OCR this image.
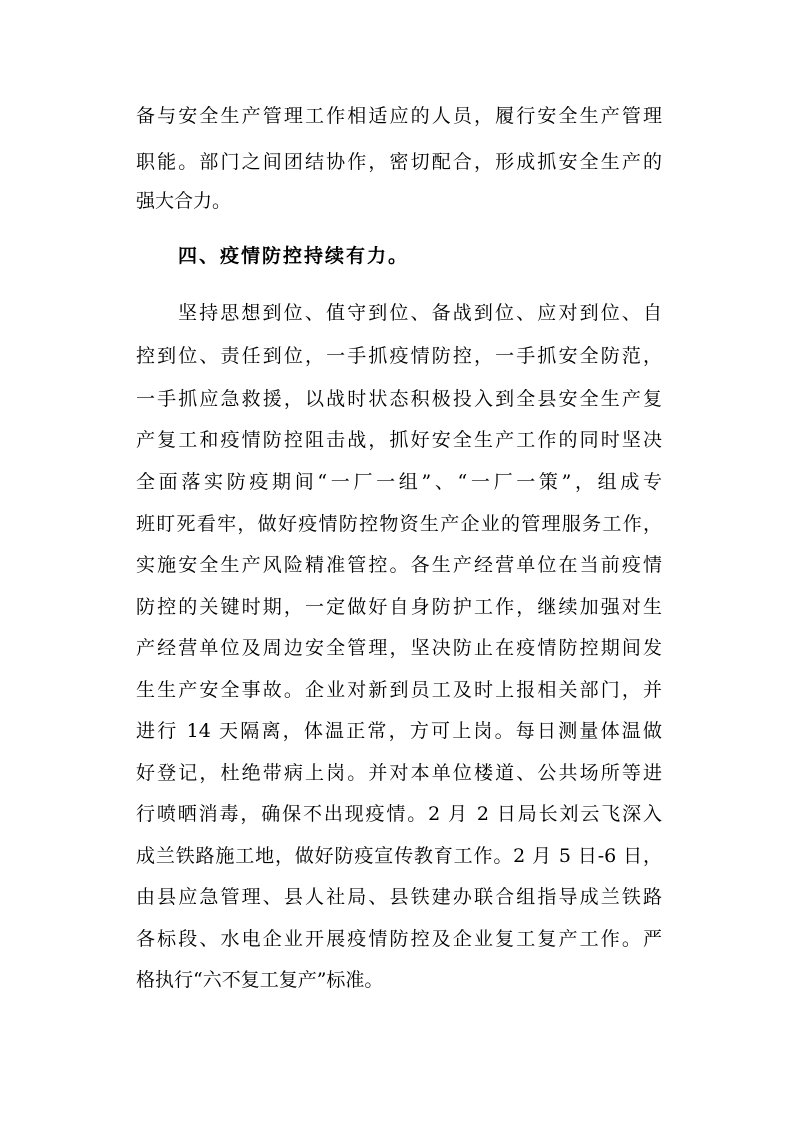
备与安全生产管理工作相适应的人员，履行安全生产管理
职能。部门之间团结协作，密切配合，形成抓安全生产的
强大合力。
四、疫情防控持续有力。
坚持思想到位、值守到位、备战到位、应对到位、自
控到位、责任到位，一手抓疫情防控，一手抓安全防范，
一手抓应急救援，以战时状态积极投入到全县安全生产复
产复工和疫情防控阻击战，抓好安全生产工作的同时坚决
全面落实防疫期间“一厂一组”、“一厂一策”，组成专
班盯死看牢，做好疫情防控物资生产企业的管理服务工作，
实施安全生产风险精准管控。各生产经营单位在当前疫情
防控的关键时期，一定做好自身防护工作，继续加强对生
产经营单位及周边安全管理，坚决防止在疫情防控期间发
生生产安全事故。企业对新到员工及时上报相关部门，并
进行 14 天隔离，体温正常，方可上岗。每日测量体温做
好登记，杜绝带病上岗。并对本单位楼道、公共场所等进
行喷晒消毒，确保不出现疫情。2 月 2 日局长刘云飞深入
成兰铁路施工地，做好防疫宣传教育工作。2 月 5 日-6 日，
由县应急管理、县人社局、县铁建办联合组指导成兰铁路
各标段、水电企业开展疫情防控及企业复工复产工作。严
格执行“六不复工复产”标准。
